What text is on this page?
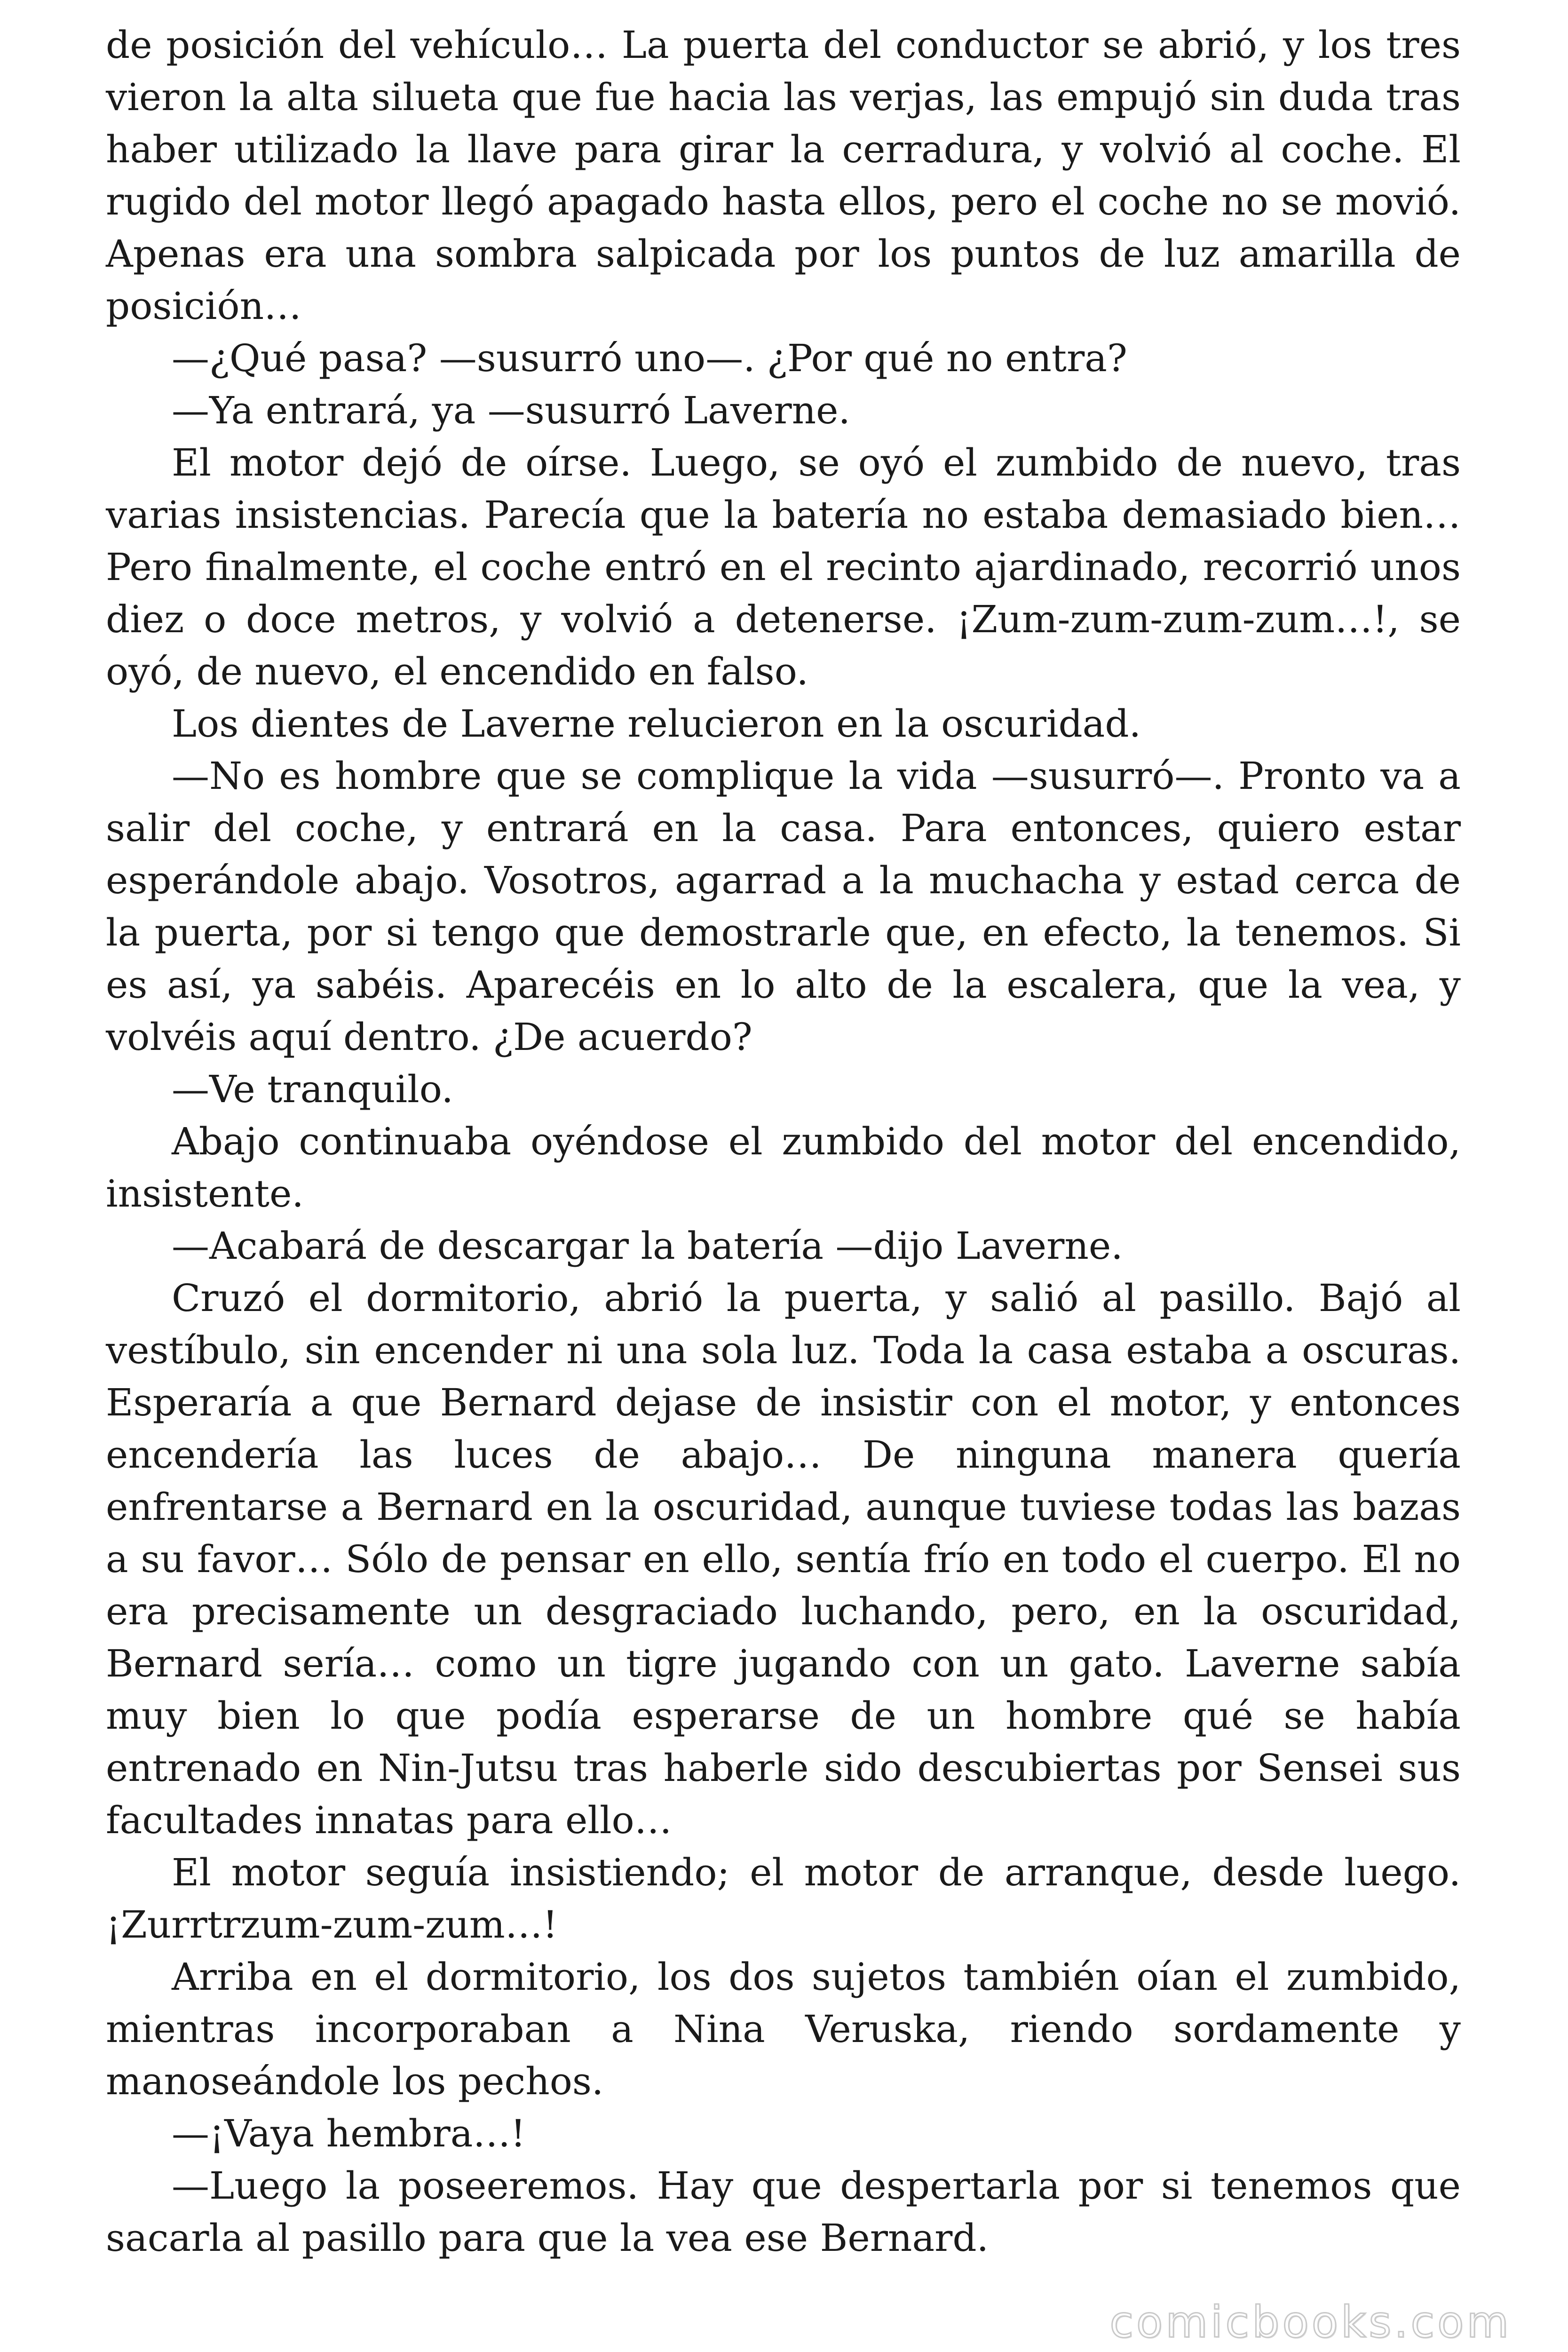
de posición del vehículo… La puerta del conductor se abrió, y los tres vieron la alta silueta que fue hacia las verjas, las empujó sin duda tras haber utilizado la llave para girar la cerradura, y volvió al coche. El rugido del motor llegó apagado hasta ellos, pero el coche no se movió. Apenas era una sombra salpicada por los puntos de luz amarilla de posición…

—¿Qué pasa? —susurró uno—. ¿Por qué no entra?

—Ya entrará, ya —susurró Laverne.

El motor dejó de oírse. Luego, se oyó el zumbido de nuevo, tras varias insistencias. Parecía que la batería no estaba demasiado bien… Pero finalmente, el coche entró en el recinto ajardinado, recorrió unos diez o doce metros, y volvió a detenerse. ¡Zum-zum-zum-zum…!, se oyó, de nuevo, el encendido en falso.

Los dientes de Laverne relucieron en la oscuridad.

—No es hombre que se complique la vida —susurró—. Pronto va a salir del coche, y entrará en la casa. Para entonces, quiero estar esperándole abajo. Vosotros, agarrad a la muchacha y estad cerca de la puerta, por si tengo que demostrarle que, en efecto, la tenemos. Si es así, ya sabéis. Aparecéis en lo alto de la escalera, que la vea, y volvéis aquí dentro. ¿De acuerdo?

—Ve tranquilo.

Abajo continuaba oyéndose el zumbido del motor del encendido, insistente.

—Acabará de descargar la batería —dijo Laverne.

Cruzó el dormitorio, abrió la puerta, y salió al pasillo. Bajó al vestíbulo, sin encender ni una sola luz. Toda la casa estaba a oscuras. Esperaría a que Bernard dejase de insistir con el motor, y entonces encendería las luces de abajo… De ninguna manera quería enfrentarse a Bernard en la oscuridad, aunque tuviese todas las bazas a su favor… Sólo de pensar en ello, sentía frío en todo el cuerpo. El no era precisamente un desgraciado luchando, pero, en la oscuridad, Bernard sería… como un tigre jugando con un gato. Laverne sabía muy bien lo que podía esperarse de un hombre qué se había entrenado en Nin-Jutsu tras haberle sido descubiertas por Sensei sus facultades innatas para ello…

El motor seguía insistiendo; el motor de arranque, desde luego. ¡Zurrtrzum-zum-zum…!

Arriba en el dormitorio, los dos sujetos también oían el zumbido, mientras incorporaban a Nina Veruska, riendo sordamente y manoseándole los pechos.

—¡Vaya hembra…!

—Luego la poseeremos. Hay que despertarla por si tenemos que sacarla al pasillo para que la vea ese Bernard.

comicbooks.com
